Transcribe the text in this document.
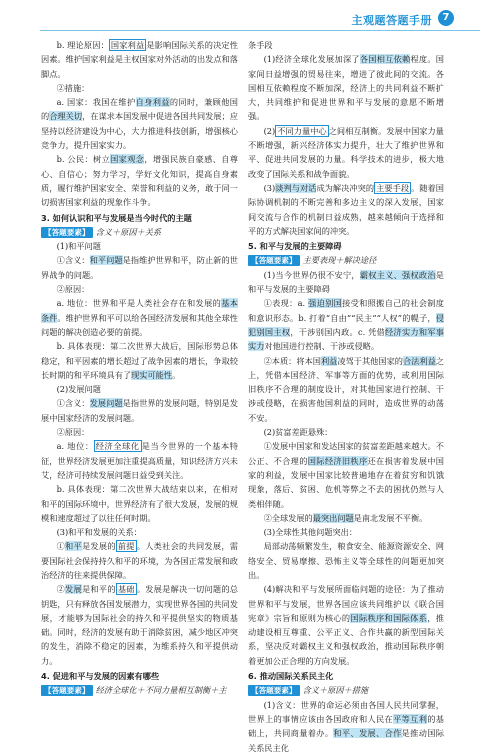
主观题答题手册	7

b. 理论原因： 国家利益 是影响国际关系的决定性因素。维护国家利益是主权国家对外活动的出发点和落脚点。

②措施：

a. 国家：我国在维护自身利益的同时，兼顾他国的合理关切，在谋求本国发展中促进各国共同发展；应坚持以经济建设为中心，大力推进科技创新，增强核心竞争力，提升国家实力。

b. 公民：树立国家观念，增强民族自豪感、自尊心、自信心；努力学习，学好文化知识，提高自身素质，履行维护国家安全、荣誉和利益的义务，敢于同一切损害国家利益的现象作斗争。

3. 如何认识和平与发展是当今时代的主题

【答题要素】 含义＋原因＋关系

(1)和平问题

①含义：和平问题是指维护世界和平，防止新的世界战争的问题。

②原因：

a. 地位：世界和平是人类社会存在和发展的基本条件。维护世界和平可以给各国经济发展和其他全球性问题的解决创造必要的前提。

b. 具体表现：第二次世界大战后，国际形势总体稳定，和平因素的增长超过了战争因素的增长，争取较长时期的和平环境具有了现实可能性。

(2)发展问题

①含义：发展问题是指世界的发展问题，特别是发展中国家经济的发展问题。

②原因：

a. 地位： 经济全球化 是当今世界的一个基本特征，世界经济发展更加注重提高质量，知识经济方兴未艾，经济可持续发展问题日益受到关注。

b. 具体表现：第二次世界大战结束以来，在相对和平的国际环境中，世界经济有了很大发展，发展的规模和速度超过了以往任何时期。

(3)和平和发展的关系：

①和平是发展的 前提 。人类社会的共同发展，需要国际社会保持持久和平的环境，为各国正常发展和政治经济的往来提供保障。

②发展是和平的 基础 。发展是解决一切问题的总钥匙，只有释放各国发展潜力，实现世界各国的共同发展，才能够为国际社会的持久和平提供坚实的物质基础。同时，经济的发展有助于消除贫困，减少地区冲突的发生，消除不稳定的因素，为维系持久和平提供动力。

4. 促进和平与发展的因素有哪些

【答题要素】 经济全球化＋不同力量相互制衡＋主

条手段

(1)经济全球化发展加深了各国相互依赖程度。国家间日益增强的贸易往来，增进了彼此间的交流。各国相互依赖程度不断加深，经济上的共同利益不断扩大，共同维护和促进世界和平与发展的意愿不断增强。

(2) 不同力量中心 之间相互制衡。发展中国家力量不断增强，新兴经济体实力提升，壮大了维护世界和平、促进共同发展的力量。科学技术的进步，极大地改变了国际关系和战争面貌。

(3)谈判与对话成为解决冲突的 主要手段 。随着国际协调机制的不断完善和多边主义的深入发展，国家间交流与合作的机制日益成熟，越来越倾向于选择和平的方式解决国家间的冲突。

5. 和平与发展的主要障碍

【答题要素】 主要表现＋解决途径

(1)当今世界仍很不安宁，霸权主义、强权政治是和平与发展的主要障碍

①表现：a. 强迫别国接受和照搬自己的社会制度和意识形态。b. 打着“自由”“民主”“人权”的幌子，侵犯别国主权，干涉别国内政。c. 凭借经济实力和军事实力对他国进行控制、干涉或侵略。

②本质：将本国利益凌驾于其他国家的合法利益之上，凭借本国经济、军事等方面的优势，或利用国际旧秩序不合理的制度设计，对其他国家进行控制、干涉或侵略，在损害他国利益的同时，造成世界的动荡不安。

(2)贫富差距悬殊：

①发展中国家和发达国家的贫富差距越来越大。不公正、不合理的国际经济旧秩序还在损害着发展中国家的利益，发展中国家比较普遍地存在着贫穷和饥饿现象，落后、贫困、危机等弊之不去的困扰仍然与人类相伴随。

②全球发展的最突出问题是南北发展不平衡。

(3)全球性其他问题突出：

局部动荡频繁发生，粮食安全、能源资源安全、网络安全、贸易摩擦、恐怖主义等全球性的问题更加突出。

(4)解决和平与发展所面临问题的途径：为了推动世界和平与发展，世界各国应该共同维护以《联合国宪章》宗旨和原则为核心的国际秩序和国际体系，推动建设相互尊重、公平正义、合作共赢的新型国际关系，坚决反对霸权主义和强权政治，推动国际秩序朝着更加公正合理的方向发展。

6. 推动国际关系民主化

【答题要素】 含义＋原因＋措施

(1)含义：世界的命运必须由各国人民共同掌握，世界上的事情应该由各国政府和人民在平等互利的基础上，共同商量着办。和平、发展、合作是推动国际关系民主化
